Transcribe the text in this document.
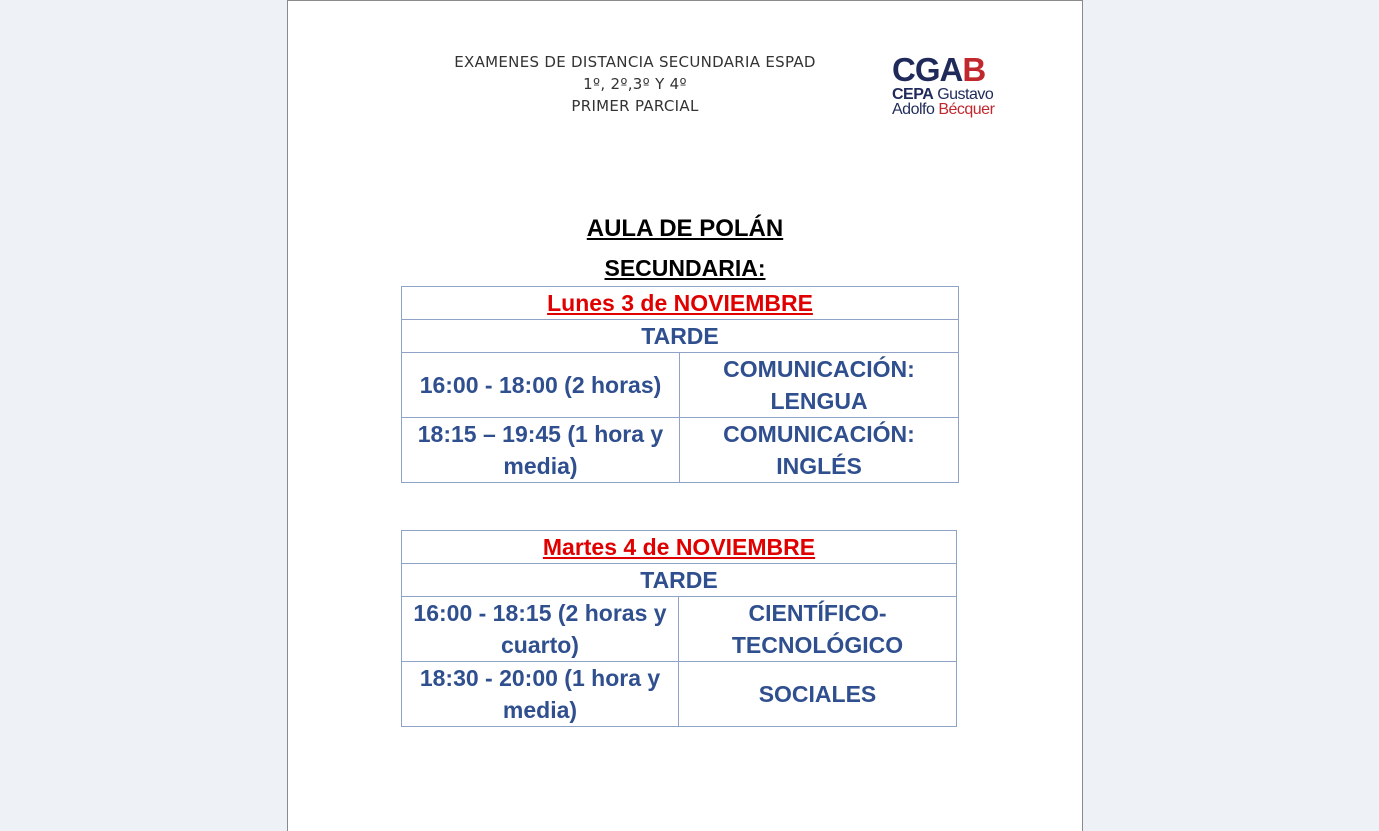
EXAMENES DE DISTANCIA SECUNDARIA ESPAD
1º, 2º,3º Y 4º
PRIMER PARCIAL
CGAB
CEPA Gustavo
Adolfo Bécquer
AULA DE POLÁN
SECUNDARIA:
Lunes 3 de NOVIEMBRE	
TARDE	
16:00 - 18:00 (2 horas)	COMUNICACIÓN: LENGUA
18:15 – 19:45 (1 hora y media)	COMUNICACIÓN: INGLÉS
Martes 4 de NOVIEMBRE	
TARDE	
16:00 - 18:15 (2 horas y cuarto)	CIENTÍFICO-TECNOLÓGICO
18:30 - 20:00 (1 hora y media)	SOCIALES
